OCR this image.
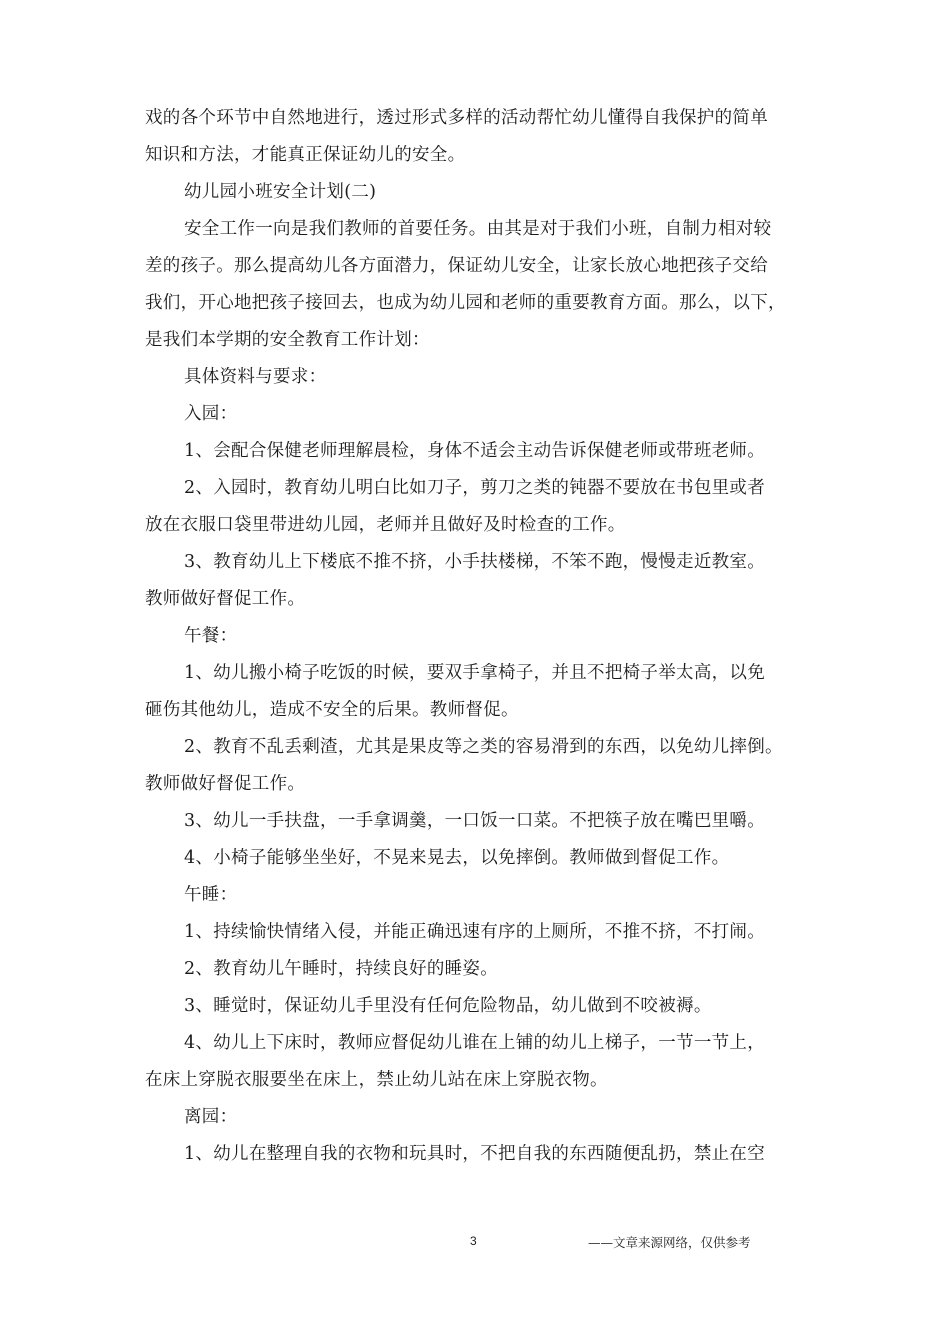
戏的各个环节中自然地进行，透过形式多样的活动帮忙幼儿懂得自我保护的简单

知识和方法，才能真正保证幼儿的安全。

幼儿园小班安全计划(二)

安全工作一向是我们教师的首要任务。由其是对于我们小班，自制力相对较

差的孩子。那么提高幼儿各方面潜力，保证幼儿安全，让家长放心地把孩子交给

我们，开心地把孩子接回去，也成为幼儿园和老师的重要教育方面。那么，以下，

是我们本学期的安全教育工作计划：

具体资料与要求：

入园：

1、会配合保健老师理解晨检，身体不适会主动告诉保健老师或带班老师。

2、入园时，教育幼儿明白比如刀子，剪刀之类的钝器不要放在书包里或者

放在衣服口袋里带进幼儿园，老师并且做好及时检查的工作。

3、教育幼儿上下楼底不推不挤，小手扶楼梯，不笨不跑，慢慢走近教室。

教师做好督促工作。

午餐：

1、幼儿搬小椅子吃饭的时候，要双手拿椅子，并且不把椅子举太高，以免

砸伤其他幼儿，造成不安全的后果。教师督促。

2、教育不乱丢剩渣，尤其是果皮等之类的容易滑到的东西，以免幼儿摔倒。

教师做好督促工作。

3、幼儿一手扶盘，一手拿调羹，一口饭一口菜。不把筷子放在嘴巴里嚼。

4、小椅子能够坐坐好，不晃来晃去，以免摔倒。教师做到督促工作。

午睡：

1、持续愉快情绪入侵，并能正确迅速有序的上厕所，不推不挤，不打闹。

2、教育幼儿午睡时，持续良好的睡姿。

3、睡觉时，保证幼儿手里没有任何危险物品，幼儿做到不咬被褥。

4、幼儿上下床时，教师应督促幼儿谁在上铺的幼儿上梯子，一节一节上，

在床上穿脱衣服要坐在床上，禁止幼儿站在床上穿脱衣物。

离园：

1、幼儿在整理自我的衣物和玩具时，不把自我的东西随便乱扔，禁止在空

3	——文章来源网络，仅供参考
